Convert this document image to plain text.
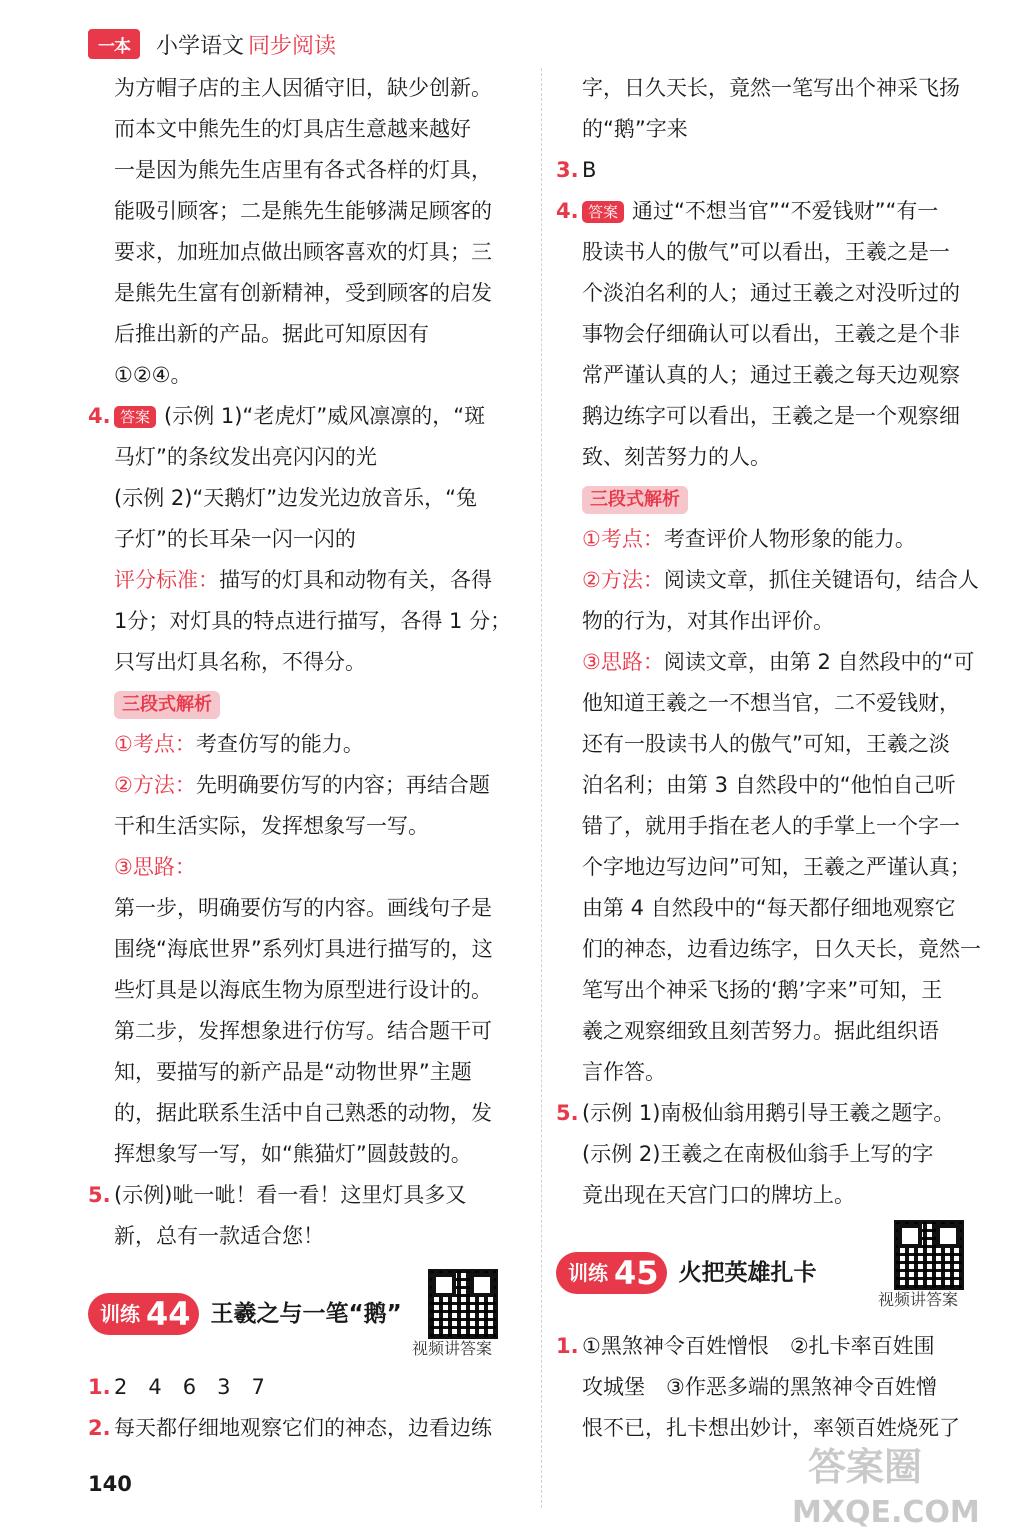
一本	小学语文 同步阅读

为方帽子店的主人因循守旧，缺少创新。

而本文中熊先生的灯具店生意越来越好

一是因为熊先生店里有各式各样的灯具，

能吸引顾客；二是熊先生能够满足顾客的

要求，加班加点做出顾客喜欢的灯具；三

是熊先生富有创新精神，受到顾客的启发

后推出新的产品。据此可知原因有

①②④。

4. 答案 (示例 1)“老虎灯”威风凛凛的，“斑

马灯”的条纹发出亮闪闪的光

(示例 2)“天鹅灯”边发光边放音乐，“兔

子灯”的长耳朵一闪一闪的

评分标准：描写的灯具和动物有关，各得

1分；对灯具的特点进行描写，各得 1 分；

只写出灯具名称，不得分。

三段式解析

①考点：考查仿写的能力。

②方法：先明确要仿写的内容；再结合题

干和生活实际，发挥想象写一写。

③思路：

第一步，明确要仿写的内容。画线句子是

围绕“海底世界”系列灯具进行描写的，这

些灯具是以海底生物为原型进行设计的。

第二步，发挥想象进行仿写。结合题干可

知，要描写的新产品是“动物世界”主题

的，据此联系生活中自己熟悉的动物，发

挥想象写一写，如“熊猫灯”圆鼓鼓的。

5. (示例)呲一呲！看一看！这里灯具多又

新，总有一款适合您！

训练 44 王羲之与一笔“鹅”
视频讲答案

1. 2　4　6　3　7

2. 每天都仔细地观察它们的神态，边看边练

字，日久天长，竟然一笔写出个神采飞扬

的“鹅”字来

3. B

4. 答案 通过“不想当官”“不爱钱财”“有一

股读书人的傲气”可以看出，王羲之是一

个淡泊名利的人；通过王羲之对没听过的

事物会仔细确认可以看出，王羲之是个非

常严谨认真的人；通过王羲之每天边观察

鹅边练字可以看出，王羲之是一个观察细

致、刻苦努力的人。

三段式解析

①考点：考查评价人物形象的能力。

②方法：阅读文章，抓住关键语句，结合人

物的行为，对其作出评价。

③思路：阅读文章，由第 2 自然段中的“可

他知道王羲之一不想当官，二不爱钱财，

还有一股读书人的傲气”可知，王羲之淡

泊名利；由第 3 自然段中的“他怕自己听

错了，就用手指在老人的手掌上一个字一

个字地边写边问”可知，王羲之严谨认真；

由第 4 自然段中的“每天都仔细地观察它

们的神态，边看边练字，日久天长，竟然一

笔写出个神采飞扬的‘鹅’字来”可知，王

羲之观察细致且刻苦努力。据此组织语

言作答。

5. (示例 1)南极仙翁用鹅引导王羲之题字。

(示例 2)王羲之在南极仙翁手上写的字

竟出现在天宫门口的牌坊上。

训练 45 火把英雄扎卡
视频讲答案

1. ①黑煞神令百姓憎恨　②扎卡率百姓围

攻城堡　③作恶多端的黑煞神令百姓憎

恨不已，扎卡想出妙计，率领百姓烧死了

140	答案圈
MXQE.COM
